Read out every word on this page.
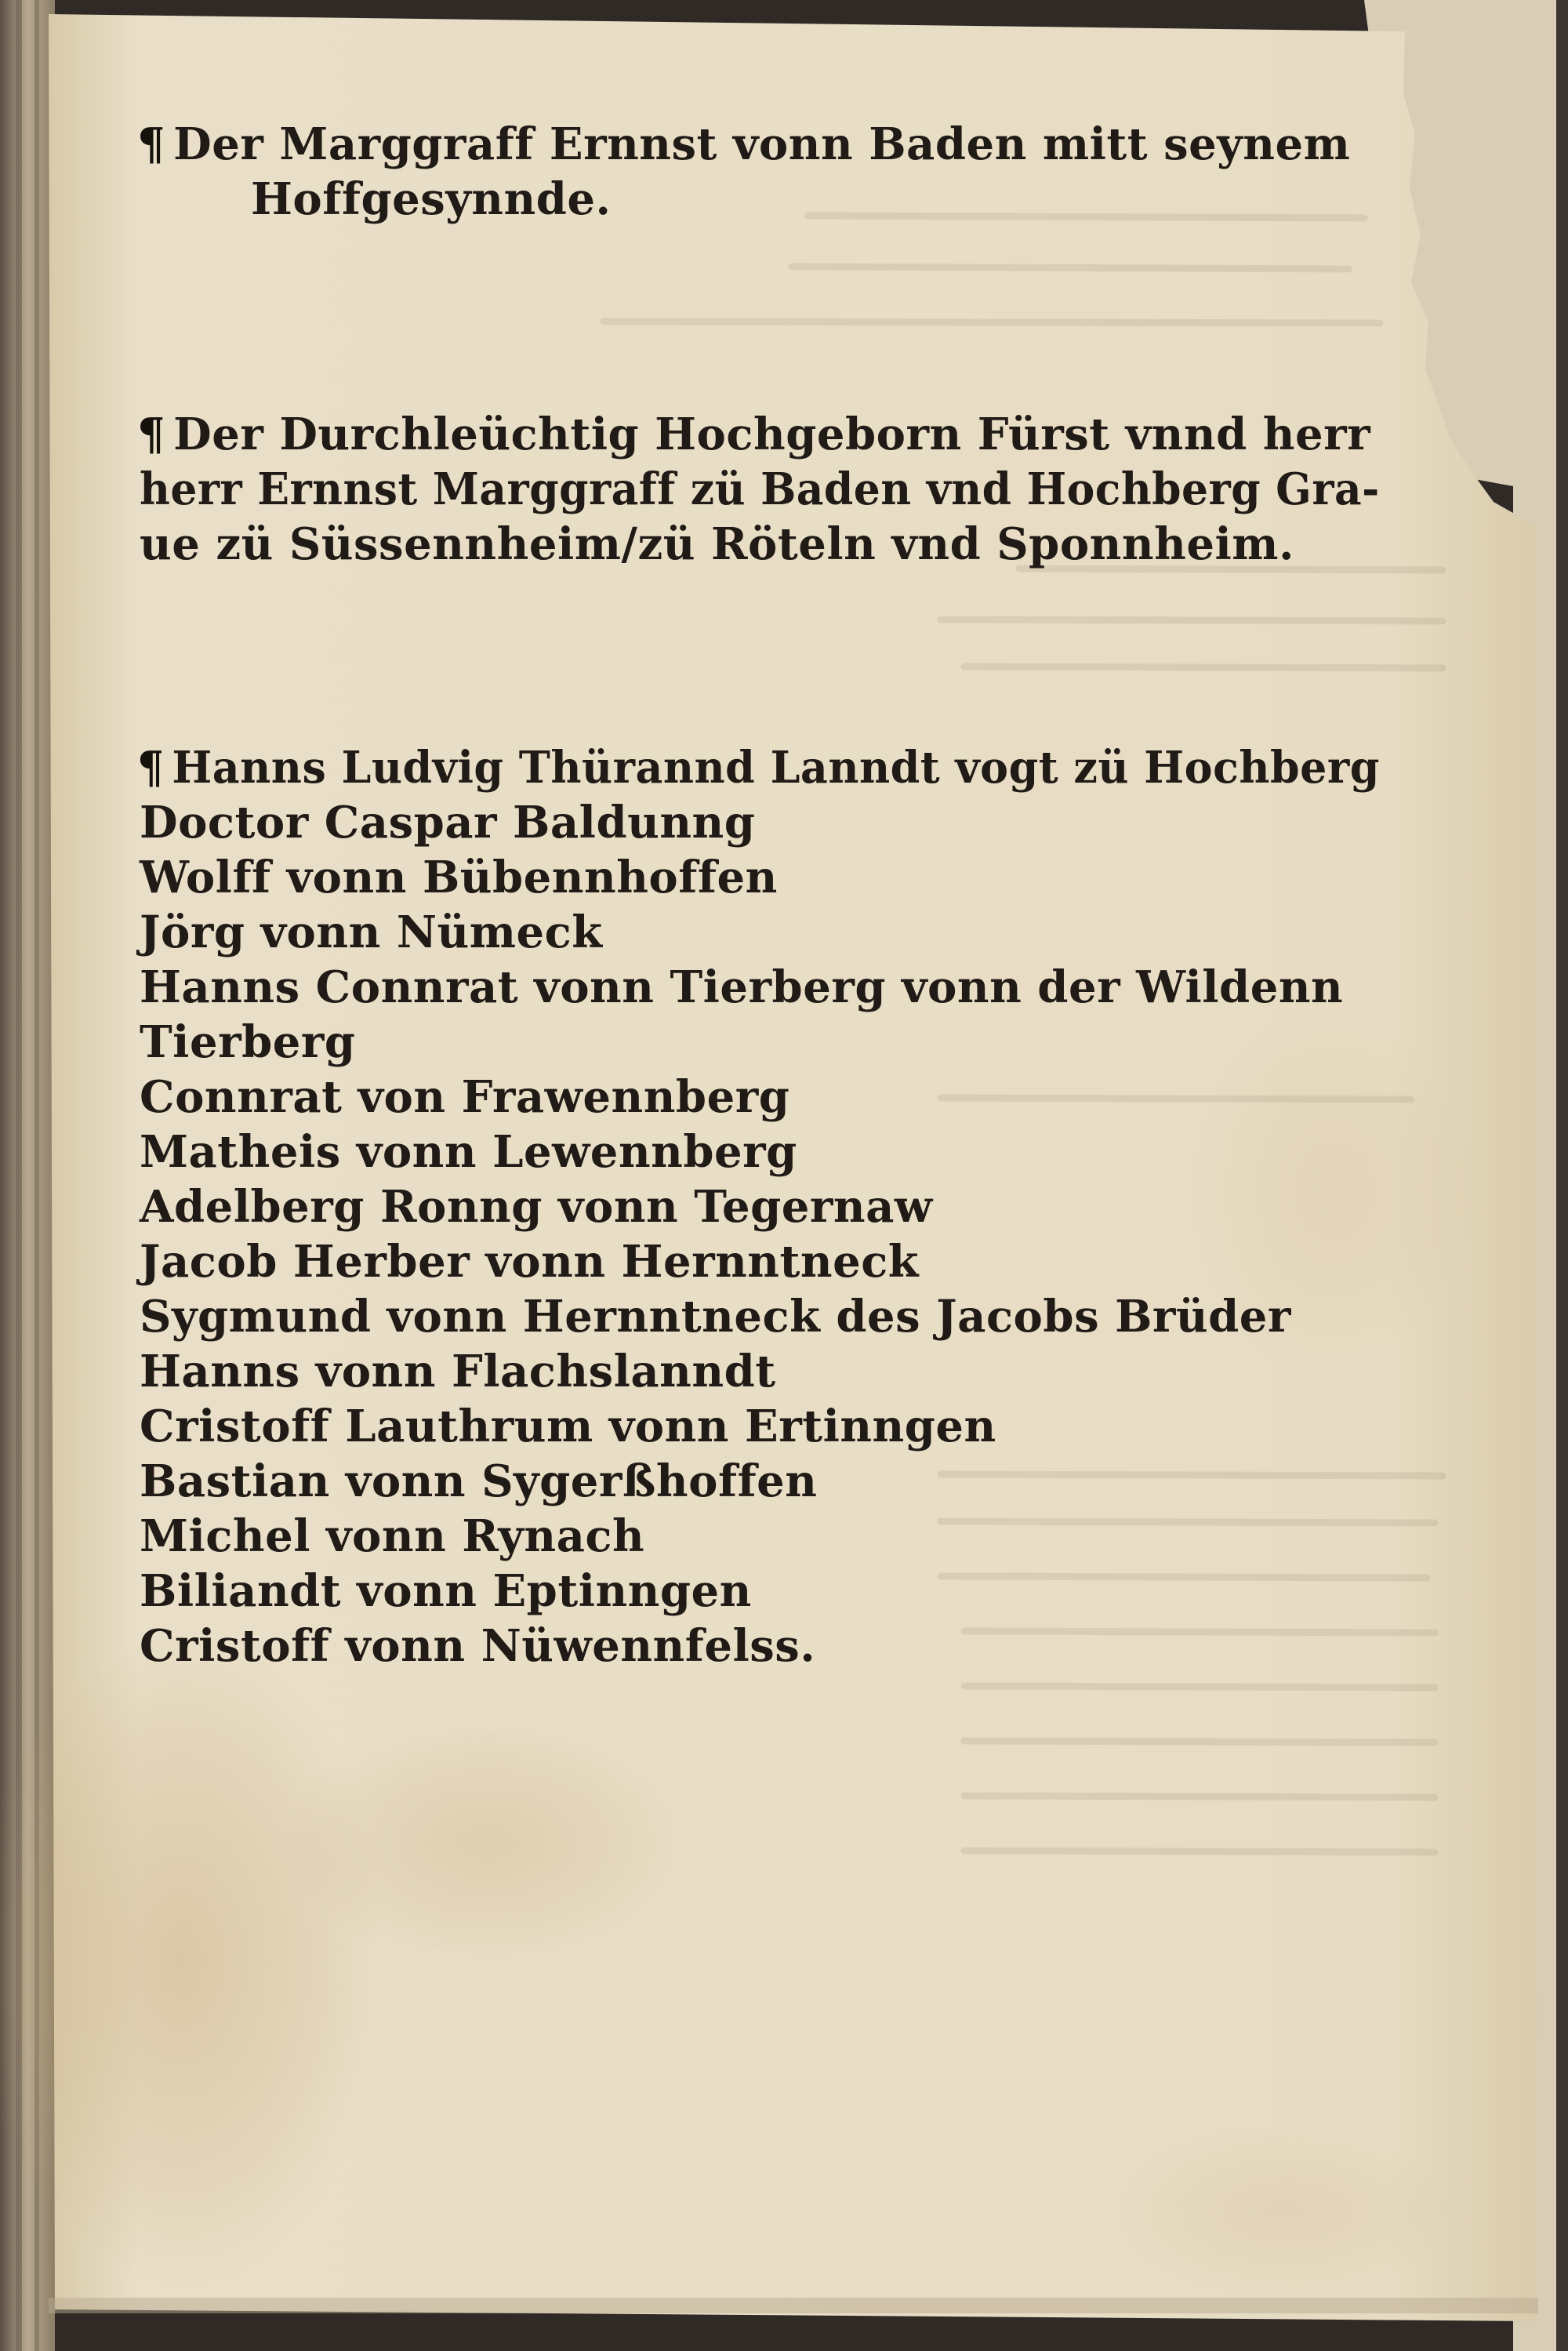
¶ Der Marggraff Ernnst vonn Baden mitt seynem

Hoffgesynnde.

¶ Der Durchleüchtig Hochgeborn Fürst vnnd herr

herr Ernnst Marggraff zü Baden vnd Hochberg Gra-

ue zü Süssennheim/zü Röteln vnd Sponnheim.

¶ Hanns Ludvig Thürannd Lanndt vogt zü Hochberg

Doctor Caspar Baldunng

Wolff vonn Bübennhoffen

Jörg vonn Nümeck

Hanns Connrat vonn Tierberg vonn der Wildenn

Tierberg

Connrat von Frawennberg

Matheis vonn Lewennberg

Adelberg Ronng vonn Tegernaw

Jacob Herber vonn Hernntneck

Sygmund vonn Hernntneck des Jacobs Brüder

Hanns vonn Flachslanndt

Cristoff Lauthrum vonn Ertinngen

Bastian vonn Sygerßhoffen

Michel vonn Rynach

Biliandt vonn Eptinngen

Cristoff vonn Nüwennfelss.
